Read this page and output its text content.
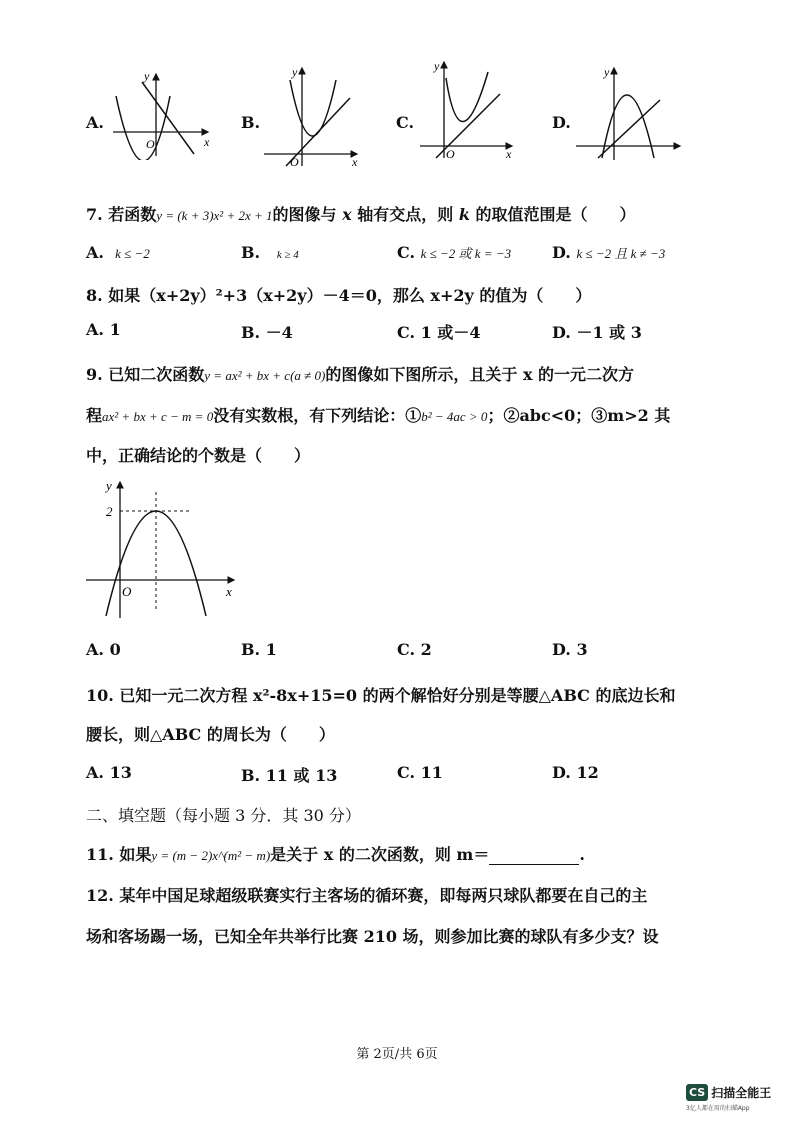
A.
O
y
x
B.
O
y
x
C.
O
y
x
D.
y
7. 若函数y = (k + 3)x² + 2x + 1的图像与 x 轴有交点，则 k 的取值范围是（　　）
A. k ≤ −2	B. k ≥ 4	C. k ≤ −2 或 k = −3	D. k ≤ −2 且 k ≠ −3
8. 如果（x+2y）²+3（x+2y）－4＝0，那么 x+2y 的值为（　　）
A. 1	B. －4	C. 1 或－4	D. －1 或 3
9. 已知二次函数y = ax² + bx + c(a ≠ 0)的图像如下图所示，且关于 x 的一元二次方
程ax² + bx + c − m = 0没有实数根，有下列结论：①b² − 4ac > 0；②abc<0；③m>2 其
中，正确结论的个数是（　　）
2
O
y
x
A. 0	B. 1	C. 2	D. 3
10. 已知一元二次方程 x²-8x+15=0 的两个解恰好分别是等腰△ABC 的底边长和
腰长，则△ABC 的周长为（　　）
A. 13	B. 11 或 13	C. 11	D. 12
二、填空题（每小题 3 分．其 30 分）
11. 如果y = (m − 2)x^(m² − m)是关于 x 的二次函数，则 m＝	.
12. 某年中国足球超级联赛实行主客场的循环赛，即每两只球队都要在自己的主
场和客场踢一场，已知全年共举行比赛 210 场，则参加比赛的球队有多少支？设
第 2页/共 6页
CS 扫描全能王
3亿人都在用的扫描App
